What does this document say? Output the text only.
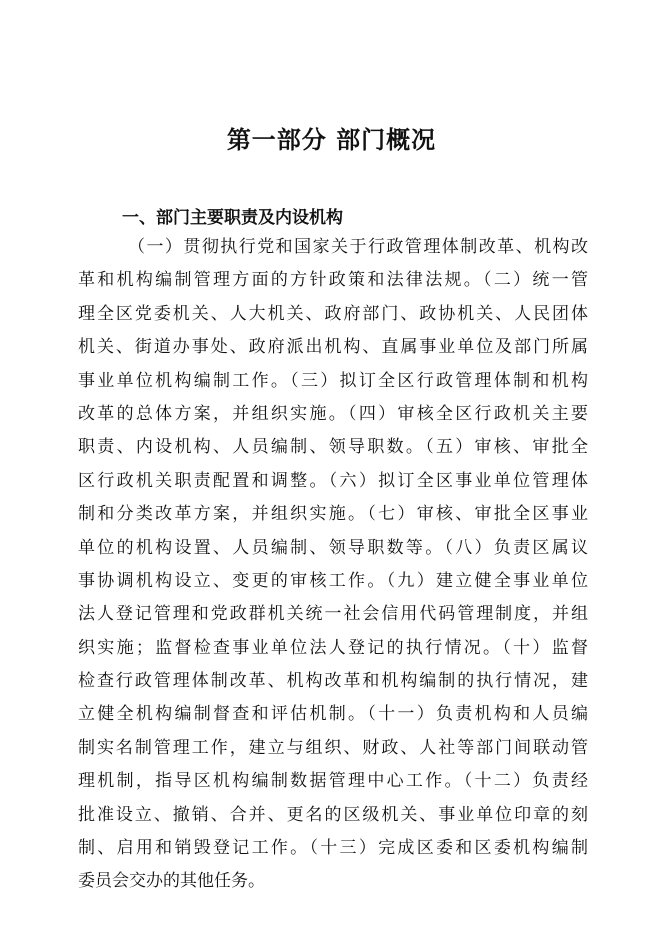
第一部分 部门概况
一、部门主要职责及内设机构
（一）贯彻执行党和国家关于行政管理体制改革、机构改
革和机构编制管理方面的方针政策和法律法规。（二）统一管
理全区党委机关、人大机关、政府部门、政协机关、人民团体
机关、街道办事处、政府派出机构、直属事业单位及部门所属
事业单位机构编制工作。（三）拟订全区行政管理体制和机构
改革的总体方案，并组织实施。（四）审核全区行政机关主要
职责、内设机构、人员编制、领导职数。（五）审核、审批全
区行政机关职责配置和调整。（六）拟订全区事业单位管理体
制和分类改革方案，并组织实施。（七）审核、审批全区事业
单位的机构设置、人员编制、领导职数等。（八）负责区属议
事协调机构设立、变更的审核工作。（九）建立健全事业单位
法人登记管理和党政群机关统一社会信用代码管理制度，并组
织实施；监督检查事业单位法人登记的执行情况。（十）监督
检查行政管理体制改革、机构改革和机构编制的执行情况，建
立健全机构编制督查和评估机制。（十一）负责机构和人员编
制实名制管理工作，建立与组织、财政、人社等部门间联动管
理机制，指导区机构编制数据管理中心工作。（十二）负责经
批准设立、撤销、合并、更名的区级机关、事业单位印章的刻
制、启用和销毁登记工作。（十三）完成区委和区委机构编制
委员会交办的其他任务。
